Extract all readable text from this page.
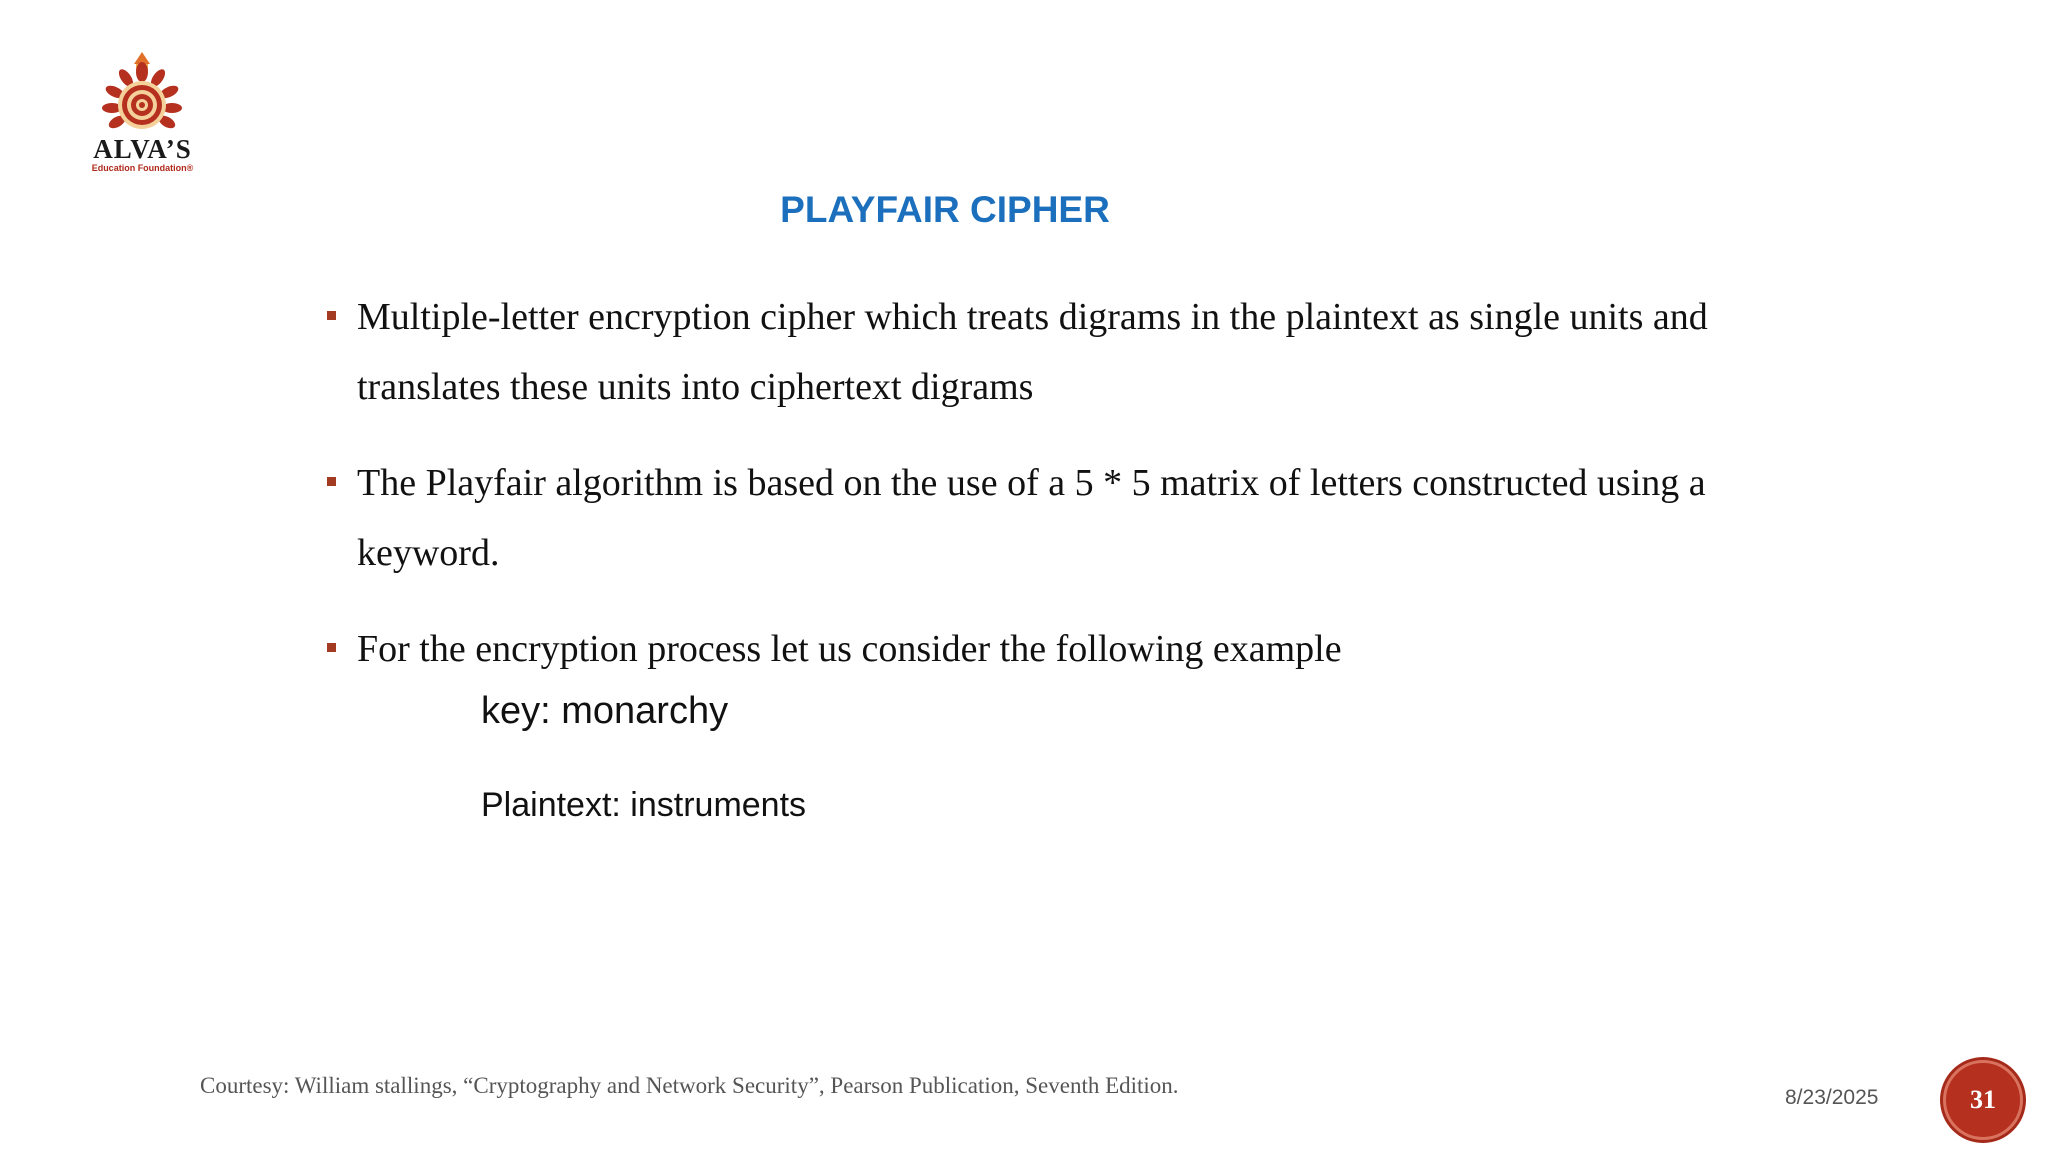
ALVA’S
Education Foundation®
PLAYFAIR CIPHER
Multiple-letter encryption cipher which treats digrams in the plaintext as single units and translates these units into ciphertext digrams
The Playfair algorithm is based on the use of a 5 * 5 matrix of letters constructed using a keyword.
For the encryption process let us consider the following example
key: monarchy
Plaintext: instruments
Courtesy: William stallings, “Cryptography and Network Security”, Pearson Publication, Seventh Edition.	8/23/2025	31
